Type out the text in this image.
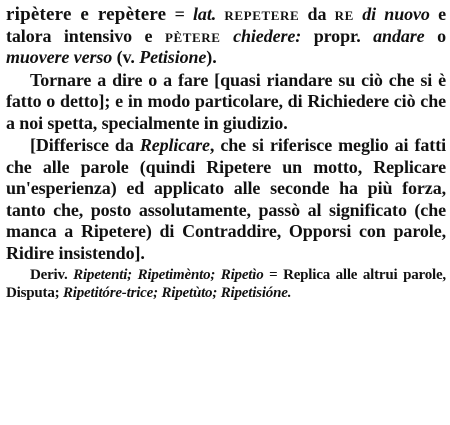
ripètere e repètere = lat. repetere da re di nuovo e talora intensivo e pètere chiedere: propr. andare o muovere verso (v. Petisione).

Tornare a dire o a fare [quasi riandare su ciò che si è fatto o detto]; e in modo particolare, di Richiedere ciò che a noi spetta, specialmente in giudizio.

[Differisce da Replicare, che si riferisce meglio ai fatti che alle parole (quindi Ripetere un motto, Replicare un'esperienza) ed applicato alle seconde ha più forza, tanto che, posto assolutamente, passò al significato (che manca a Ripetere) di Contraddire, Opporsi con parole, Ridire insistendo].

Deriv. Ripetenti; Ripetimènto; Ripetìo = Replica alle altrui parole, Disputa; Ripetitóre-trice; Ripetùto; Ripetisióne.
